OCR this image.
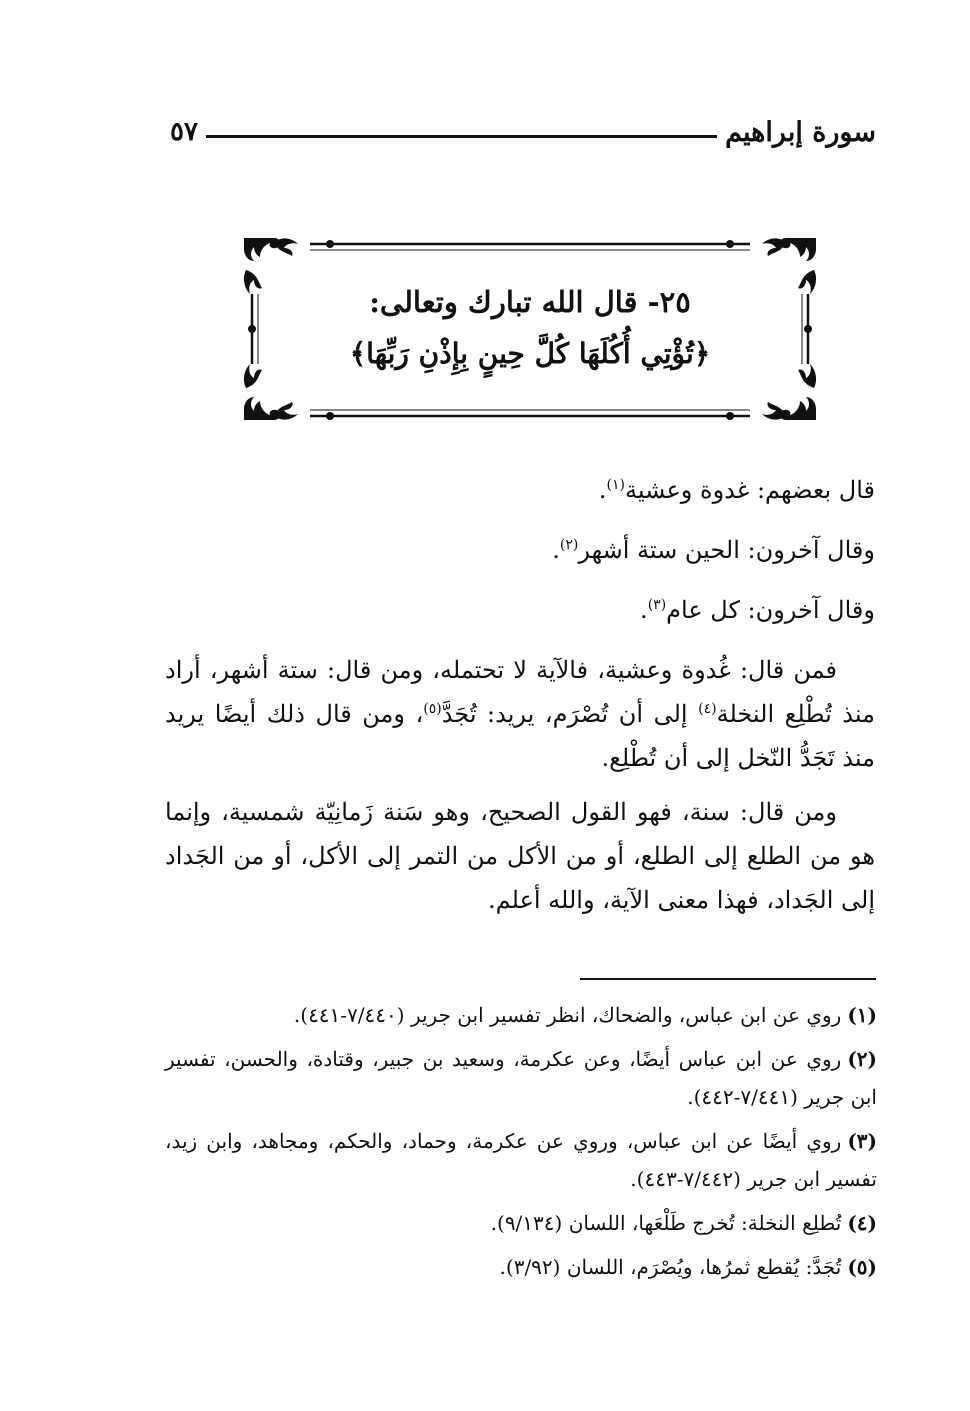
سورة إبراهيم
٥٧
٢٥- قال الله تبارك وتعالى:
﴿تُؤْتِي أُكُلَهَا كُلَّ حِينٍ بِإِذْنِ رَبِّهَا﴾

قال بعضهم: غدوة وعشية$^{(١)}$.

وقال آخرون: الحين ستة أشهر$^{(٢)}$.

وقال آخرون: كل عام$^{(٣)}$.

فمن قال: غُدوة وعشية، فالآية لا تحتمله، ومن قال: ستة أشهر، أراد منذ تُطْلِع النخلة$^{(٤)}$ إلى أن تُصْرَم، يريد: تُجَدَّ$^{(٥)}$، ومن قال ذلك أيضًا يريد منذ تَجَدُّ النّخل إلى أن تُطْلِع.

ومن قال: سنة، فهو القول الصحيح، وهو سَنة زَمانِيّة شمسية، وإنما هو من الطلع إلى الطلع، أو من الأكل من التمر إلى الأكل، أو من الجَداد إلى الجَداد، فهذا معنى الآية، والله أعلم.

(١)روي عن ابن عباس، والضحاك، انظر تفسير ابن جرير (٧/٤٤٠-٤٤١).
(٢)روي عن ابن عباس أيضًا، وعن عكرمة، وسعيد بن جبير، وقتادة، والحسن، تفسير ابن جرير (٧/٤٤١-٤٤٢).
(٣)روي أيضًا عن ابن عباس، وروي عن عكرمة، وحماد، والحكم، ومجاهد، وابن زيد، تفسير ابن جرير (٧/٤٤٢-٤٤٣).
(٤)تُطلِع النخلة: تُخرج طَلْعَها، اللسان (٩/١٣٤).
(٥)تُجَدَّ: يُقطع ثمرُها، ويُصْرَم، اللسان (٣/٩٢).
